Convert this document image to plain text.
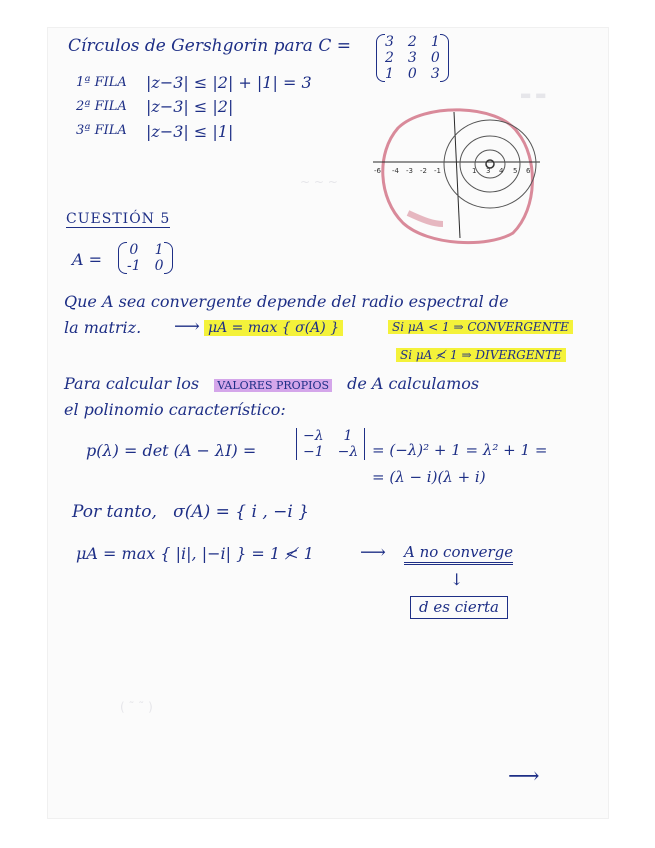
▬ ▬
~ ~ ~
( ˜ ˜ )
Círculos de Gershgorin para C = 3	2	1
2	3	0
1	0	3
1ª FILA |z−3| ≤ |2| + |1| = 3
2ª FILA |z−3| ≤ |2|
3ª FILA |z−3| ≤ |1|
-6 -4 -3 -2 -1	1 3 4 5 6
CUESTIÓN 5
A = 0	1
-1	0
Que A sea convergente depende del radio espectral de
la matriz. ⟶ μA = max { σ(A) }	Si μA < 1 ⇒ CONVERGENTE
Si μA ≮ 1 ⇒ DIVERGENTE
Para calcular los VALORES PROPIOS de A calculamos
el polinomio característico:
p(λ) = det (A − λI) =
−λ	1
−1	−λ = (−λ)² + 1 = λ² + 1 =
= (λ − i)(λ + i)
Por tanto,   σ(A) = { i , −i }
μA = max { |i|, |−i| } = 1 ≮ 1	⟶ A no converge
↓
d es cierta
⟶
